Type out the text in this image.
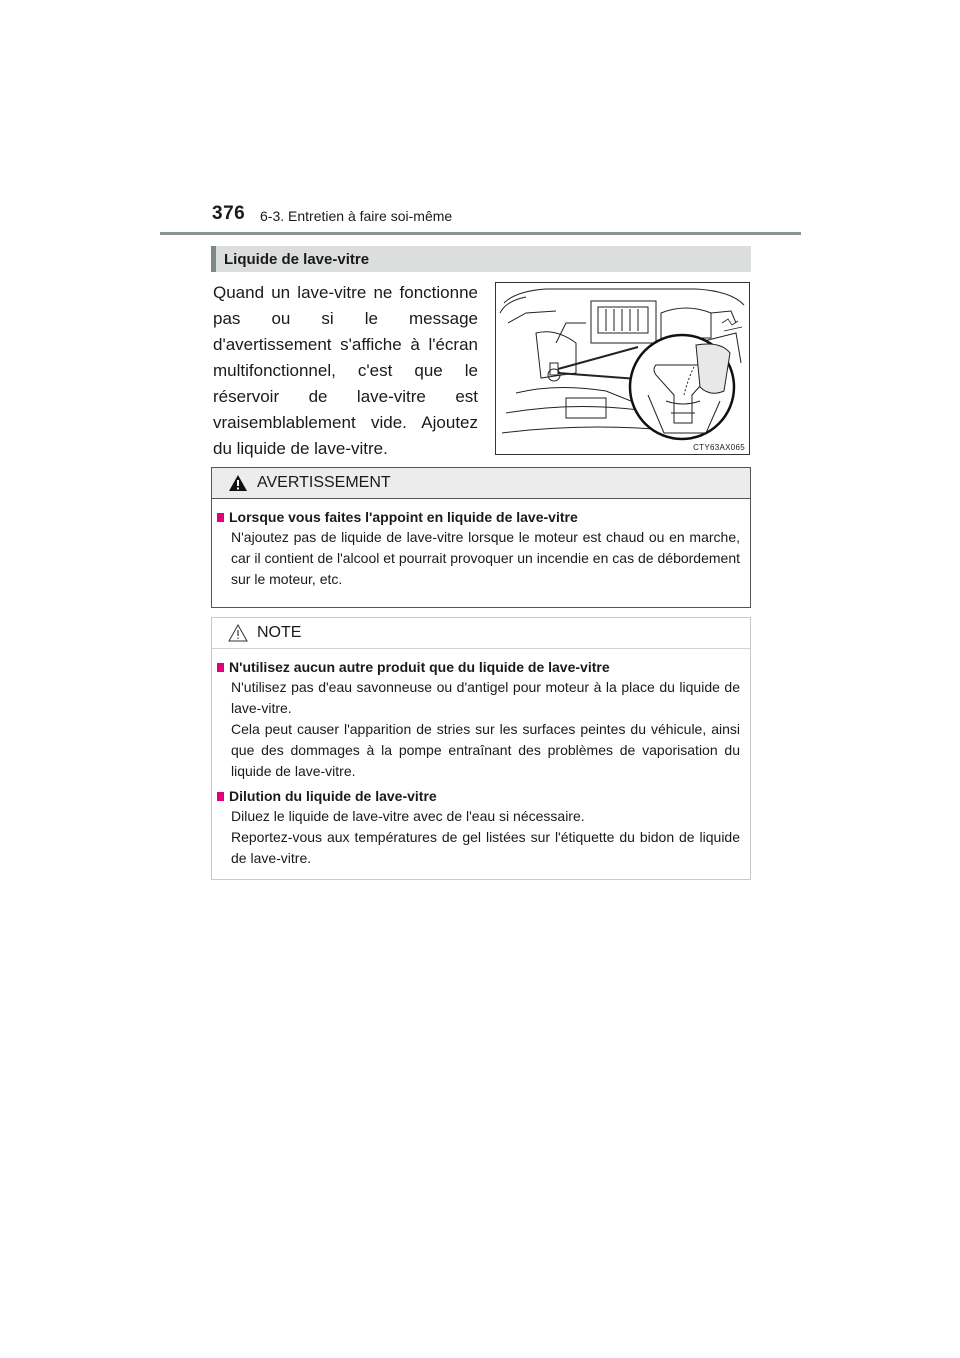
376 6-3. Entretien à faire soi-même
Liquide de lave-vitre
Quand un lave-vitre ne fonctionne pas ou si le message d'avertissement s'affiche à l'écran multifonctionnel, c'est que le réservoir de lave-vitre est vraisemblablement vide. Ajoutez du liquide de lave-vitre.	CTY63AX065
AVERTISSEMENT
Lorsque vous faites l'appoint en liquide de lave-vitre
N'ajoutez pas de liquide de lave-vitre lorsque le moteur est chaud ou en marche, car il contient de l'alcool et pourrait provoquer un incendie en cas de débordement sur le moteur, etc.
NOTE
N'utilisez aucun autre produit que du liquide de lave-vitre
N'utilisez pas d'eau savonneuse ou d'antigel pour moteur à la place du liquide de lave-vitre.
Cela peut causer l'apparition de stries sur les surfaces peintes du véhicule, ainsi que des dommages à la pompe entraînant des problèmes de vaporisation du liquide de lave-vitre.
Dilution du liquide de lave-vitre
Diluez le liquide de lave-vitre avec de l'eau si nécessaire.
Reportez-vous aux températures de gel listées sur l'étiquette du bidon de liquide de lave-vitre.
